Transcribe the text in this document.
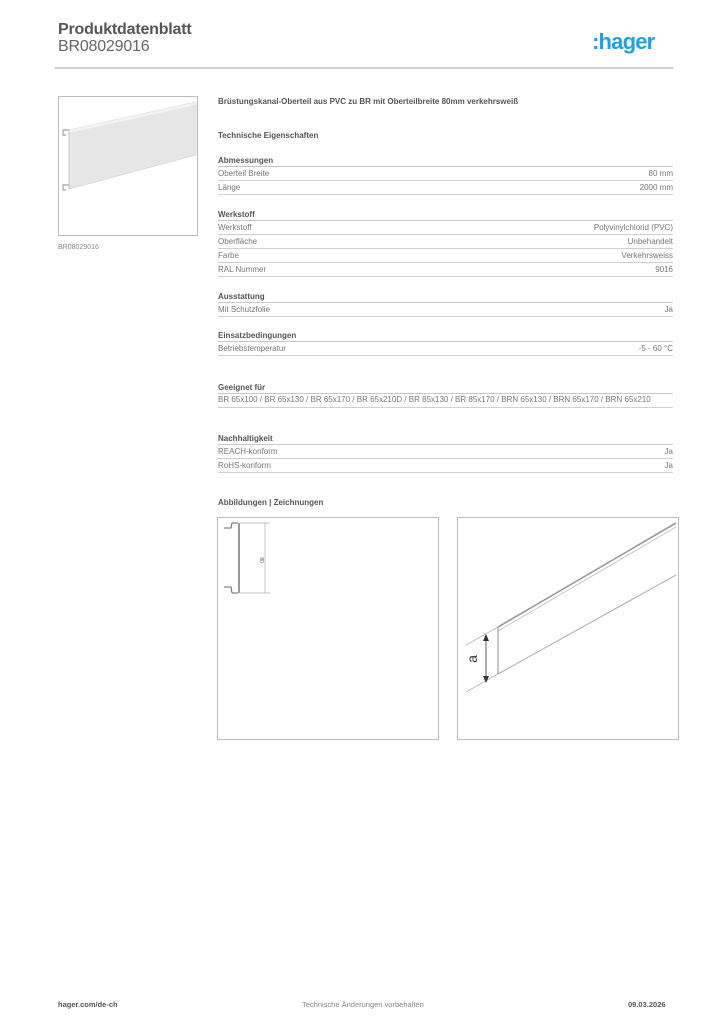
Produktdatenblatt
BR08029016	:hager
BR08029016
Brüstungskanal-Oberteil aus PVC zu BR mit Oberteilbreite 80mm verkehrsweiß
Technische Eigenschaften
Abmessungen
Oberteil Breite	80 mm
Länge	2000 mm
Werkstoff
Werkstoff	Polyvinylchlorid (PVC)
Oberfläche	Unbehandelt
Farbe	Verkehrsweiss
RAL Nummer	9016
Ausstattung
Mit Schutzfolie	Ja
Einsatzbedingungen
Betriebstemperatur	-5 - 60 °C
Geeignet für
BR 65x100 / BR 65x130 / BR 65x170 / BR 65x210D / BR 85x130 / BR 85x170 / BRN 65x130 / BRN 65x170 / BRN 65x210
Nachhaltigkeit
REACH-konform	Ja
RoHS-konform	Ja
Abbildungen | Zeichnungen
80
a
hager.com/de-ch	Technische Änderungen vorbehalten	09.03.2026
